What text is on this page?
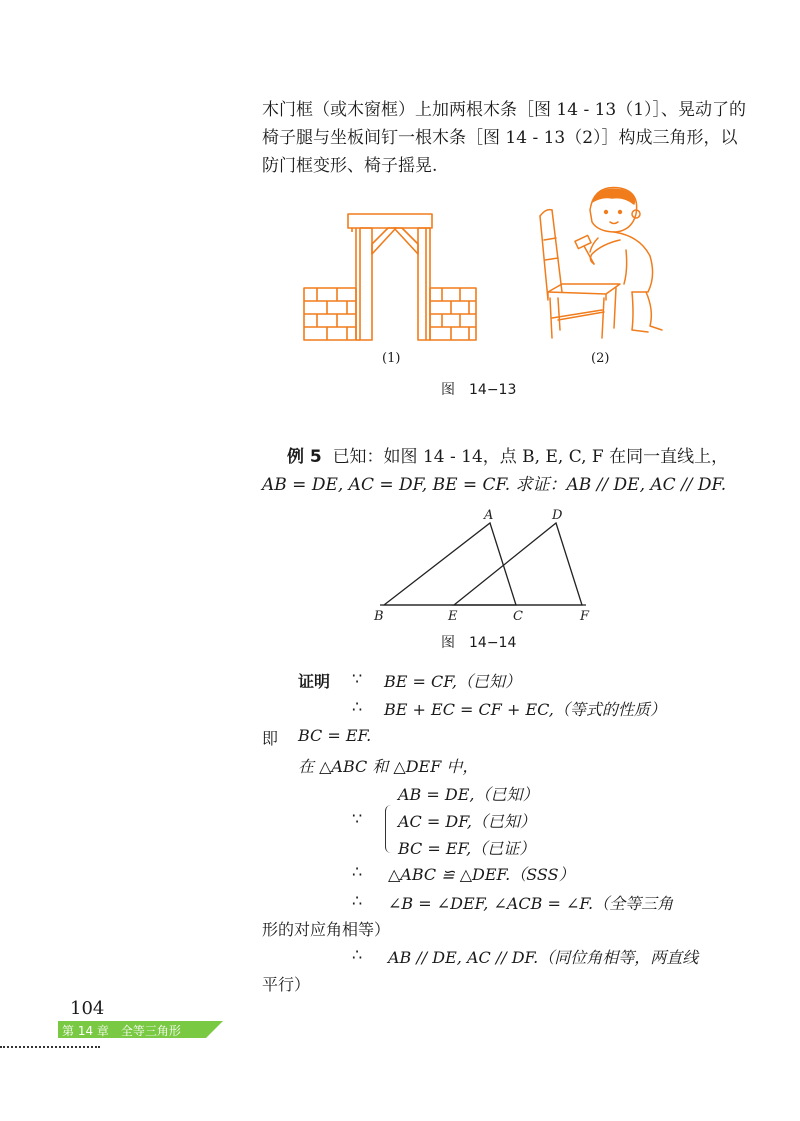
木门框（或木窗框）上加两根木条［图 14 - 13（1）］、晃动了的

椅子腿与坐板间钉一根木条［图 14 - 13（2）］构成三角形，以

防门框变形、椅子摇晃.

(1)	(2)
图　14−13
例 5 已知：如图 14 - 14，点 B, E, C, F 在同一直线上，
AB = DE, AC = DF, BE = CF. 求证：AB // DE, AC // DF.
A	D
B	E	C	F
图　14−14
证明 ∵ BE = CF,（已知）
∴ BE + EC = CF + EC,（等式的性质）
即 BC = EF.
在 △ABC 和 △DEF 中，
AB = DE,（已知）
∵ AC = DF,（已知）
BC = EF,（已证）
∴ △ABC ≌ △DEF.（SSS）
∴ ∠B = ∠DEF, ∠ACB = ∠F.（全等三角
形的对应角相等）
∴ AB // DE, AC // DF.（同位角相等，两直线
平行）
104
第 14 章　全等三角形
